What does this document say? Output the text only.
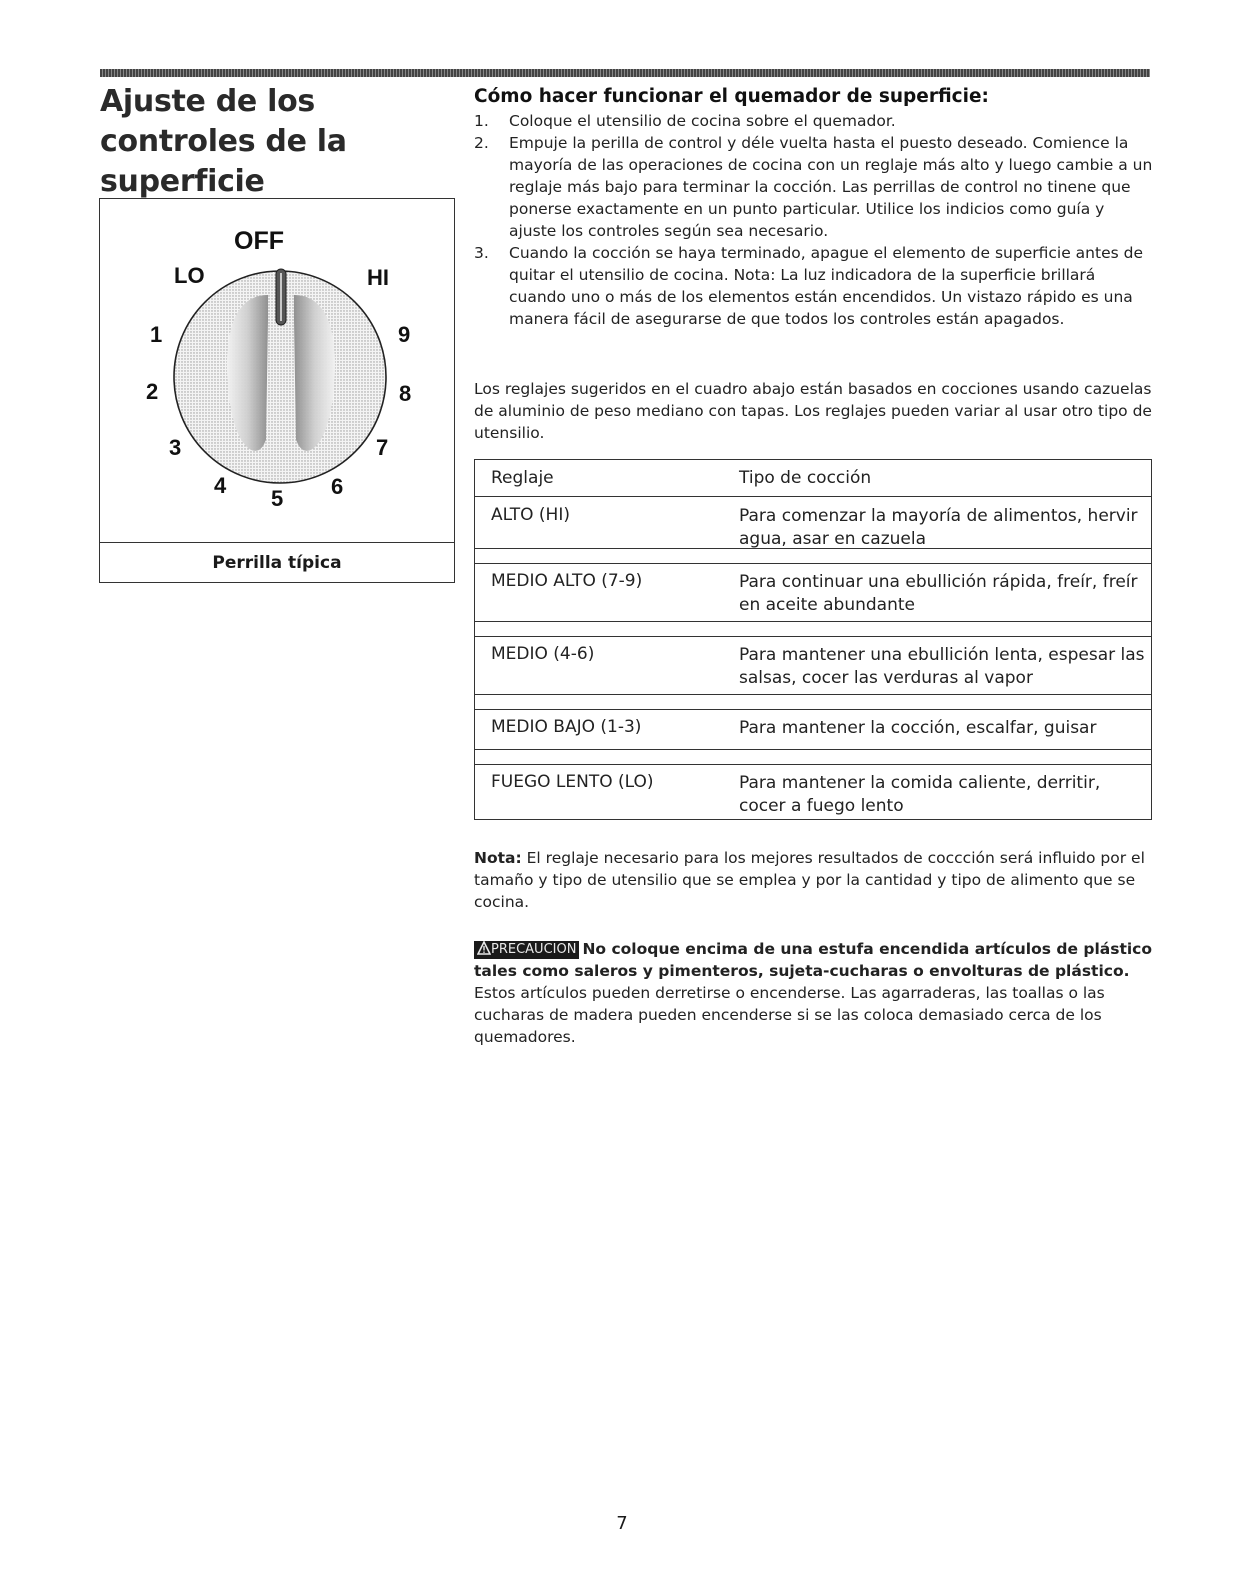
Ajuste de los controles de la superficie
OFF
LO	HI
1
2
3
4
5 6
7
8
9
Perrilla típica
Cómo hacer funcionar el quemador de superficie:
1.	Coloque el utensilio de cocina sobre el quemador.
2.	Empuje la perilla de control y déle vuelta hasta el puesto deseado. Comience la mayoría de las operaciones de cocina con un reglaje más alto y luego cambie a un reglaje más bajo para terminar la cocción. Las perrillas de control no tinene que ponerse exactamente en un punto particular. Utilice los indicios como guía y ajuste los controles según sea necesario.
3.	Cuando la cocción se haya terminado, apague el elemento de superficie antes de quitar el utensilio de cocina. Nota: La luz indicadora de la superficie brillará cuando uno o más de los elementos están encendidos. Un vistazo rápido es una manera fácil de asegurarse de que todos los controles están apagados.

Los reglajes sugeridos en el cuadro abajo están basados en cocciones usando cazuelas de aluminio de peso mediano con tapas. Los reglajes pueden variar al usar otro tipo de utensilio.

Reglaje	Tipo de cocción
ALTO (HI)	Para comenzar la mayoría de alimentos, hervir agua, asar en cazuela
MEDIO ALTO (7-9)	Para continuar una ebullición rápida, freír, freír en aceite abundante
MEDIO (4-6)	Para mantener una ebullición lenta, espesar las salsas, cocer las verduras al vapor
MEDIO BAJO (1-3)	Para mantener la cocción, escalfar, guisar
FUEGO LENTO (LO)	Para mantener la comida caliente, derritir, cocer a fuego lento

Nota: El reglaje necesario para los mejores resultados de coccción será influido por el tamaño y tipo de utensilio que se emplea y por la cantidad y tipo de alimento que se cocina.

PRECAUCION No coloque encima de una estufa encendida artículos de plástico tales como saleros y pimenteros, sujeta-cucharas o envolturas de plástico. Estos artículos pueden derretirse o encenderse. Las agarraderas, las toallas o las cucharas de madera pueden encenderse si se las coloca demasiado cerca de los quemadores.

7
